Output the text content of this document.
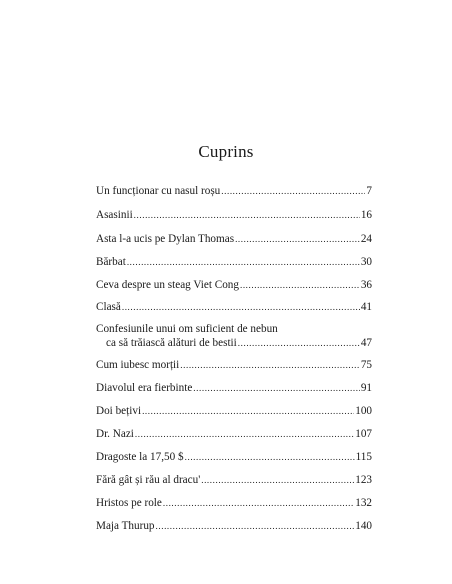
Cuprins
Un funcționar cu nasul roșu .....	7
Asasinii .....	16
Asta l-a ucis pe Dylan Thomas .....	24
Bărbat .....	30
Ceva despre un steag Viet Cong .....	36
Clasă .....	41
Confesiunile unui om suficient de nebun
ca să trăiască alături de bestii .....	47
Cum iubesc morții .....	75
Diavolul era fierbinte .....	91
Doi bețivi .....	100
Dr. Nazi .....	107
Dragoste la 17,50 $ .....	115
Fără gât și rău al dracu' .....	123
Hristos pe role .....	132
Maja Thurup .....	140
